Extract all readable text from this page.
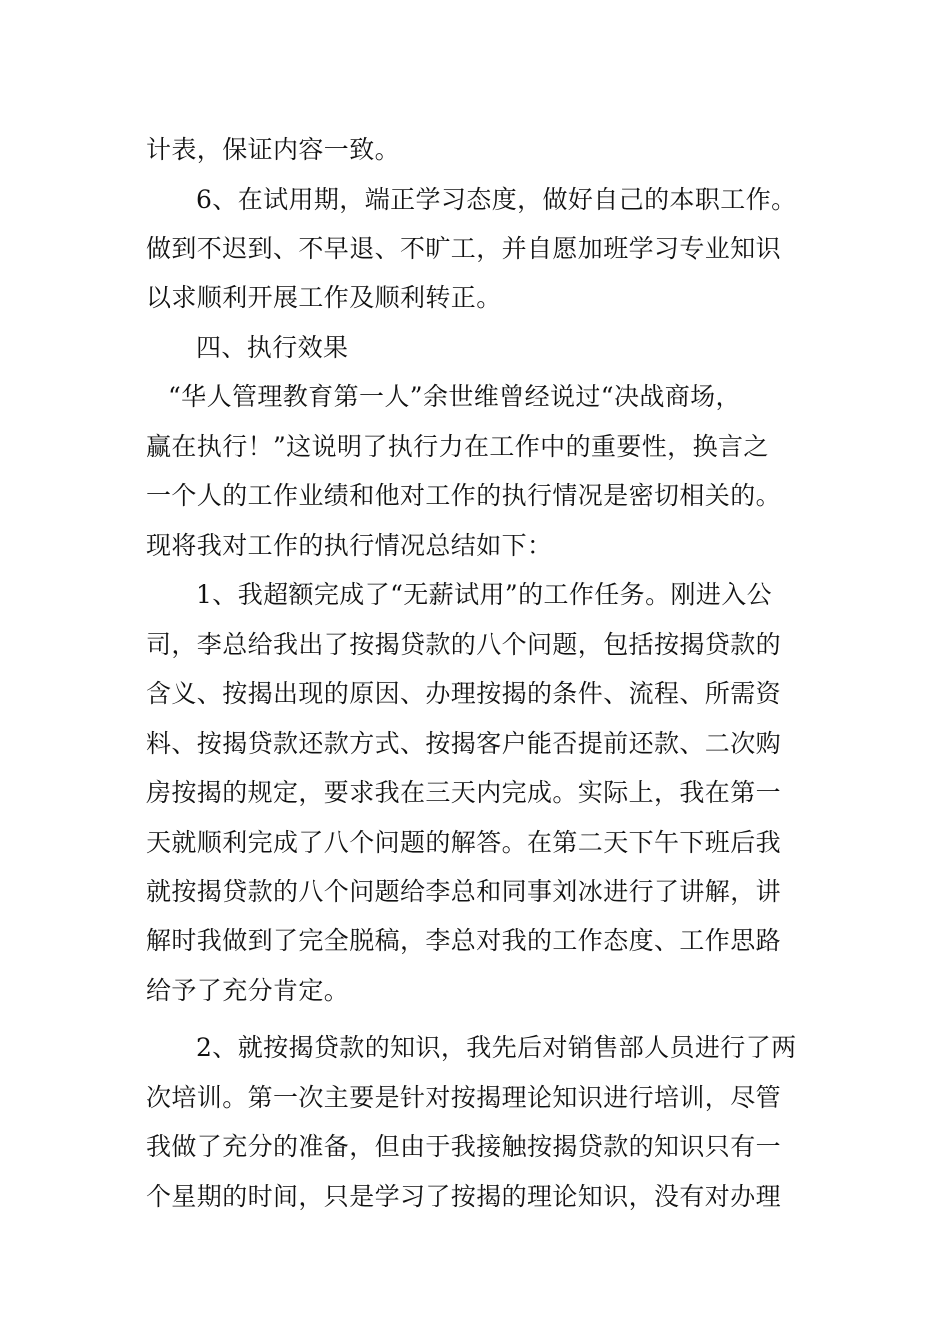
计表，保证内容一致。
6、在试用期，端正学习态度，做好自己的本职工作。
做到不迟到、不早退、不旷工，并自愿加班学习专业知识
以求顺利开展工作及顺利转正。
四、执行效果
“华人管理教育第一人”余世维曾经说过“决战商场，
赢在执行！”这说明了执行力在工作中的重要性，换言之
一个人的工作业绩和他对工作的执行情况是密切相关的。
现将我对工作的执行情况总结如下：
1、我超额完成了“无薪试用”的工作任务。刚进入公
司，李总给我出了按揭贷款的八个问题，包括按揭贷款的
含义、按揭出现的原因、办理按揭的条件、流程、所需资
料、按揭贷款还款方式、按揭客户能否提前还款、二次购
房按揭的规定，要求我在三天内完成。实际上，我在第一
天就顺利完成了八个问题的解答。在第二天下午下班后我
就按揭贷款的八个问题给李总和同事刘冰进行了讲解，讲
解时我做到了完全脱稿，李总对我的工作态度、工作思路
给予了充分肯定。
2、就按揭贷款的知识，我先后对销售部人员进行了两
次培训。第一次主要是针对按揭理论知识进行培训，尽管
我做了充分的准备，但由于我接触按揭贷款的知识只有一
个星期的时间，只是学习了按揭的理论知识，没有对办理
